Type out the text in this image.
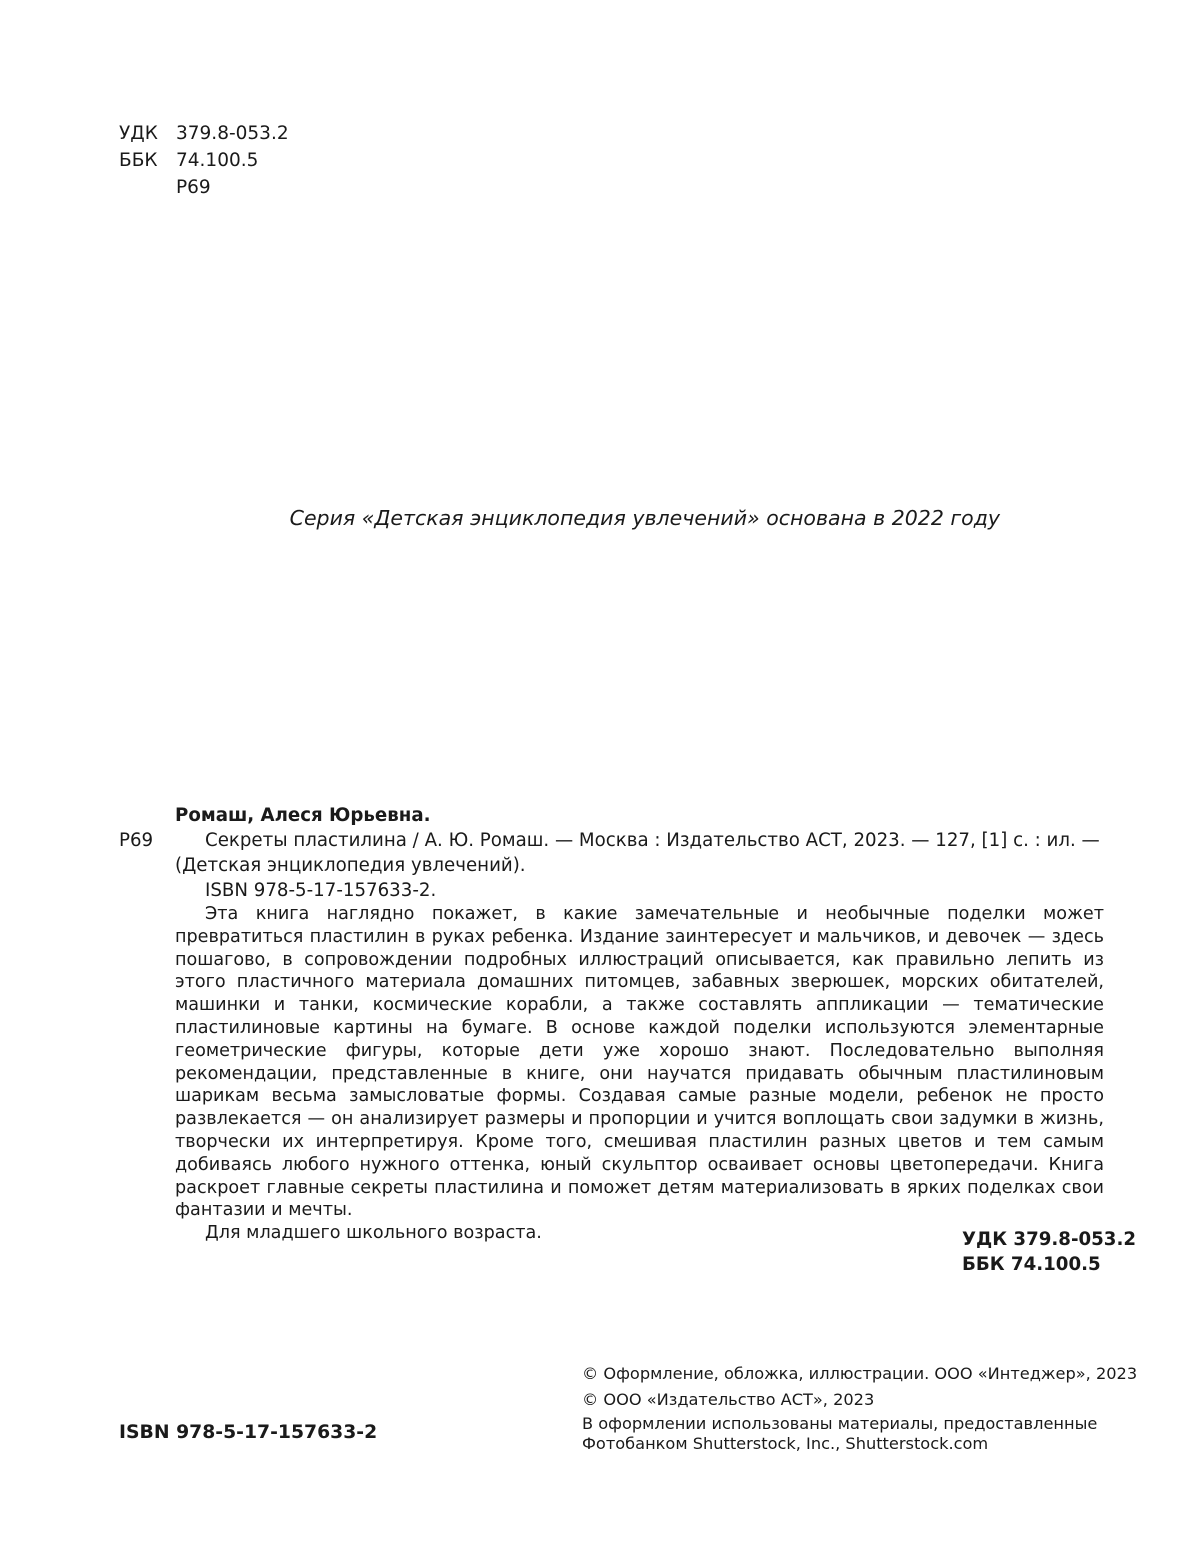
УДК 379.8-053.2
ББК 74.100.5
Р69
Серия «Детская энциклопедия увлечений» основана в 2022 году
Ромаш, Алеся Юрьевна.
Р69	Секреты пластилина / А. Ю. Ромаш. — Москва : Издательство АСТ, 2023. — 127, [1] с. : ил. — (Детская энциклопедия увлечений).
ISBN 978-5-17-157633-2.
Эта книга наглядно покажет, в какие замечательные и необычные поделки может превратиться пластилин в руках ребенка. Издание заинтересует и мальчиков, и девочек — здесь пошагово, в сопровождении подробных иллюстраций описывается, как правильно лепить из этого пластичного материала домашних питомцев, забавных зверюшек, морских обитателей, машинки и танки, космические корабли, а также составлять аппликации — тематические пластилиновые картины на бумаге. В основе каждой поделки используются элементарные геометрические фигуры, которые дети уже хорошо знают. Последовательно выполняя рекомендации, представленные в книге, они научатся придавать обычным пластилиновым шарикам весьма замысловатые формы. Создавая самые разные модели, ребенок не просто развлекается — он анализирует размеры и пропорции и учится воплощать свои задумки в жизнь, творчески их интерпретируя. Кроме того, смешивая пластилин разных цветов и тем самым добиваясь любого нужного оттенка, юный скульптор осваивает основы цветопередачи. Книга раскроет главные секреты пластилина и поможет детям материализовать в ярких поделках свои фантазии и мечты.
Для младшего школьного возраста.	УДК 379.8-053.2
ББК 74.100.5
© Оформление, обложка, иллюстрации. ООО «Интеджер», 2023
© ООО «Издательство АСТ», 2023
В оформлении использованы материалы, предоставленные
Фотобанком Shutterstock, Inc., Shutterstock.com
ISBN 978-5-17-157633-2
